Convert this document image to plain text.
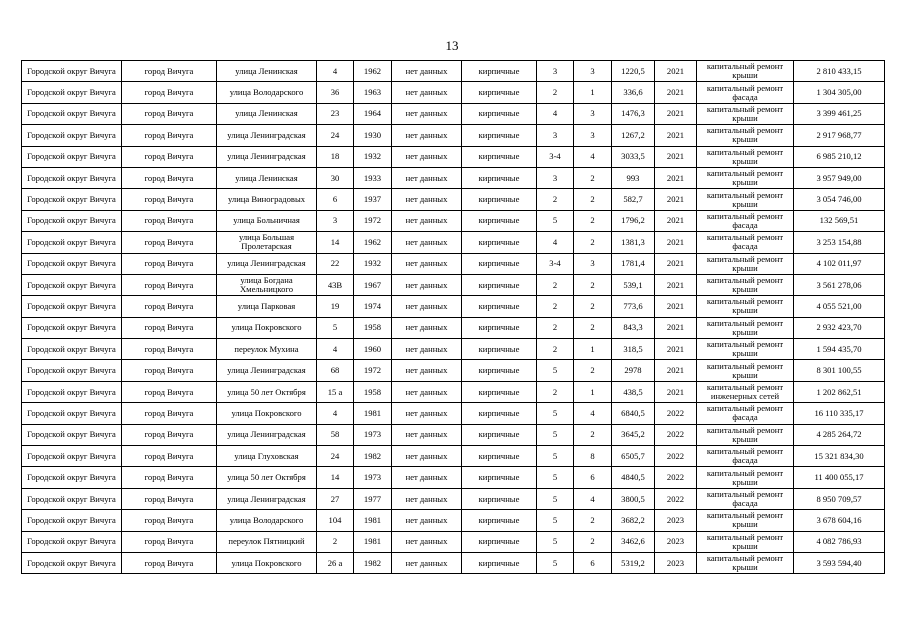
13
Городской округ Вичуга	город Вичуга	улица Ленинская	4	1962	нет данных	кирпичные	3	3	1220,5	2021	капитальный ремонт крыши	2 810 433,15
Городской округ Вичуга	город Вичуга	улица Володарского	36	1963	нет данных	кирпичные	2	1	336,6	2021	капитальный ремонт фасада	1 304 305,00
Городской округ Вичуга	город Вичуга	улица Ленинская	23	1964	нет данных	кирпичные	4	3	1476,3	2021	капитальный ремонт крыши	3 399 461,25
Городской округ Вичуга	город Вичуга	улица Ленинградская	24	1930	нет данных	кирпичные	3	3	1267,2	2021	капитальный ремонт крыши	2 917 968,77
Городской округ Вичуга	город Вичуга	улица Ленинградская	18	1932	нет данных	кирпичные	3-4	4	3033,5	2021	капитальный ремонт крыши	6 985 210,12
Городской округ Вичуга	город Вичуга	улица Ленинская	30	1933	нет данных	кирпичные	3	2	993	2021	капитальный ремонт крыши	3 957 949,00
Городской округ Вичуга	город Вичуга	улица Виноградовых	6	1937	нет данных	кирпичные	2	2	582,7	2021	капитальный ремонт крыши	3 054 746,00
Городской округ Вичуга	город Вичуга	улица Больничная	3	1972	нет данных	кирпичные	5	2	1796,2	2021	капитальный ремонт фасада	132 569,51
Городской округ Вичуга	город Вичуга	улица Большая Пролетарская	14	1962	нет данных	кирпичные	4	2	1381,3	2021	капитальный ремонт фасада	3 253 154,88
Городской округ Вичуга	город Вичуга	улица Ленинградская	22	1932	нет данных	кирпичные	3-4	3	1781,4	2021	капитальный ремонт крыши	4 102 011,97
Городской округ Вичуга	город Вичуга	улица Богдана Хмельницкого	43В	1967	нет данных	кирпичные	2	2	539,1	2021	капитальный ремонт крыши	3 561 278,06
Городской округ Вичуга	город Вичуга	улица Парковая	19	1974	нет данных	кирпичные	2	2	773,6	2021	капитальный ремонт крыши	4 055 521,00
Городской округ Вичуга	город Вичуга	улица Покровского	5	1958	нет данных	кирпичные	2	2	843,3	2021	капитальный ремонт крыши	2 932 423,70
Городской округ Вичуга	город Вичуга	переулок Мухина	4	1960	нет данных	кирпичные	2	1	318,5	2021	капитальный ремонт крыши	1 594 435,70
Городской округ Вичуга	город Вичуга	улица Ленинградская	68	1972	нет данных	кирпичные	5	2	2978	2021	капитальный ремонт крыши	8 301 100,55
Городской округ Вичуга	город Вичуга	улица 50 лет Октября	15 а	1958	нет данных	кирпичные	2	1	438,5	2021	капитальный ремонт инженерных сетей	1 202 862,51
Городской округ Вичуга	город Вичуга	улица Покровского	4	1981	нет данных	кирпичные	5	4	6840,5	2022	капитальный ремонт фасада	16 110 335,17
Городской округ Вичуга	город Вичуга	улица Ленинградская	58	1973	нет данных	кирпичные	5	2	3645,2	2022	капитальный ремонт крыши	4 285 264,72
Городской округ Вичуга	город Вичуга	улица Глуховская	24	1982	нет данных	кирпичные	5	8	6505,7	2022	капитальный ремонт фасада	15 321 834,30
Городской округ Вичуга	город Вичуга	улица 50 лет Октября	14	1973	нет данных	кирпичные	5	6	4840,5	2022	капитальный ремонт крыши	11 400 055,17
Городской округ Вичуга	город Вичуга	улица Ленинградская	27	1977	нет данных	кирпичные	5	4	3800,5	2022	капитальный ремонт фасада	8 950 709,57
Городской округ Вичуга	город Вичуга	улица Володарского	104	1981	нет данных	кирпичные	5	2	3682,2	2023	капитальный ремонт крыши	3 678 604,16
Городской округ Вичуга	город Вичуга	переулок Пятницкий	2	1981	нет данных	кирпичные	5	2	3462,6	2023	капитальный ремонт крыши	4 082 786,93
Городской округ Вичуга	город Вичуга	улица Покровского	26 а	1982	нет данных	кирпичные	5	6	5319,2	2023	капитальный ремонт крыши	3 593 594,40
